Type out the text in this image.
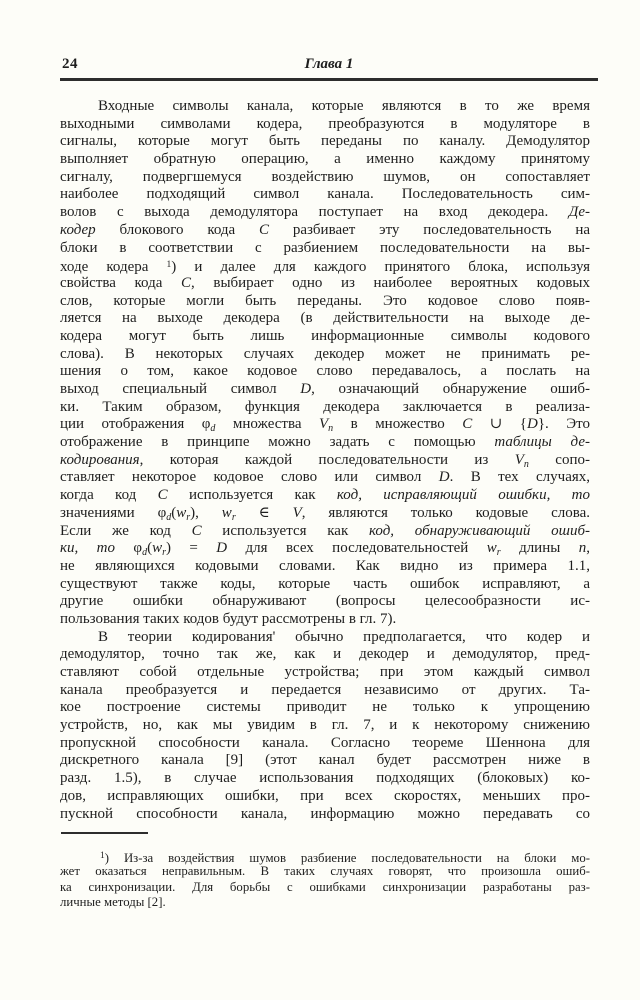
24	Глава 1
Входные символы канала, которые являются в то же время
выходными символами кодера, преобразуются в модуляторе в
сигналы, которые могут быть переданы по каналу. Демодулятор
выполняет обратную операцию, а именно каждому принятому
сигналу, подвергшемуся воздействию шумов, он сопоставляет
наиболее подходящий символ канала. Последовательность сим-
волов с выхода демодулятора поступает на вход декодера. Де-
кодер блокового кода C разбивает эту последовательность на
блоки в соответствии с разбиением последовательности на вы-
ходе кодера $^1$) и далее для каждого принятого блока, используя
свойства кода C, выбирает одно из наиболее вероятных кодовых
слов, которые могли быть переданы. Это кодовое слово появ-
ляется на выходе декодера (в действительности на выходе де-
кодера могут быть лишь информационные символы кодового
слова). В некоторых случаях декодер может не принимать ре-
шения о том, какое кодовое слово передавалось, а послать на
выход специальный символ D, означающий обнаружение ошиб-
ки. Таким образом, функция декодера заключается в реализа-
ции отображения $\varphi_d$ множества $V_n$ в множество C ∪ {D}. Это
отображение в принципе можно задать с помощью таблицы де-
кодирования, которая каждой последовательности из $V_n$ сопо-
ставляет некоторое кодовое слово или символ D. В тех случаях,
когда код C используется как код, исправляющий ошибки, то
значениями $\varphi_d(w_r)$, $w_r$ ∈ V, являются только кодовые слова.
Если же код C используется как код, обнаруживающий ошиб-
ки, то $\varphi_d(w_r) = D$ для всех последовательностей $w_r$ длины n,
не являющихся кодовыми словами. Как видно из примера 1.1,
существуют также коды, которые часть ошибок исправляют, а
другие ошибки обнаруживают (вопросы целесообразности ис-
пользования таких кодов будут рассмотрены в гл. 7).
В теории кодирования' обычно предполагается, что кодер и
демодулятор, точно так же, как и декодер и демодулятор, пред-
ставляют собой отдельные устройства; при этом каждый символ
канала преобразуется и передается независимо от других. Та-
кое построение системы приводит не только к упрощению
устройств, но, как мы увидим в гл. 7, и к некоторому снижению
пропускной способности канала. Согласно теореме Шеннона для
дискретного канала [9] (этот канал будет рассмотрен ниже в
разд. 1.5), в случае использования подходящих (блоковых) ко-
дов, исправляющих ошибки, при всех скоростях, меньших про-
пускной способности канала, информацию можно передавать со
$^1$) Из-за воздействия шумов разбиение последовательности на блоки мо-
жет оказаться неправильным. В таких случаях говорят, что произошла ошиб-
ка синхронизации. Для борьбы с ошибками синхронизации разработаны раз-
личные методы [2].
